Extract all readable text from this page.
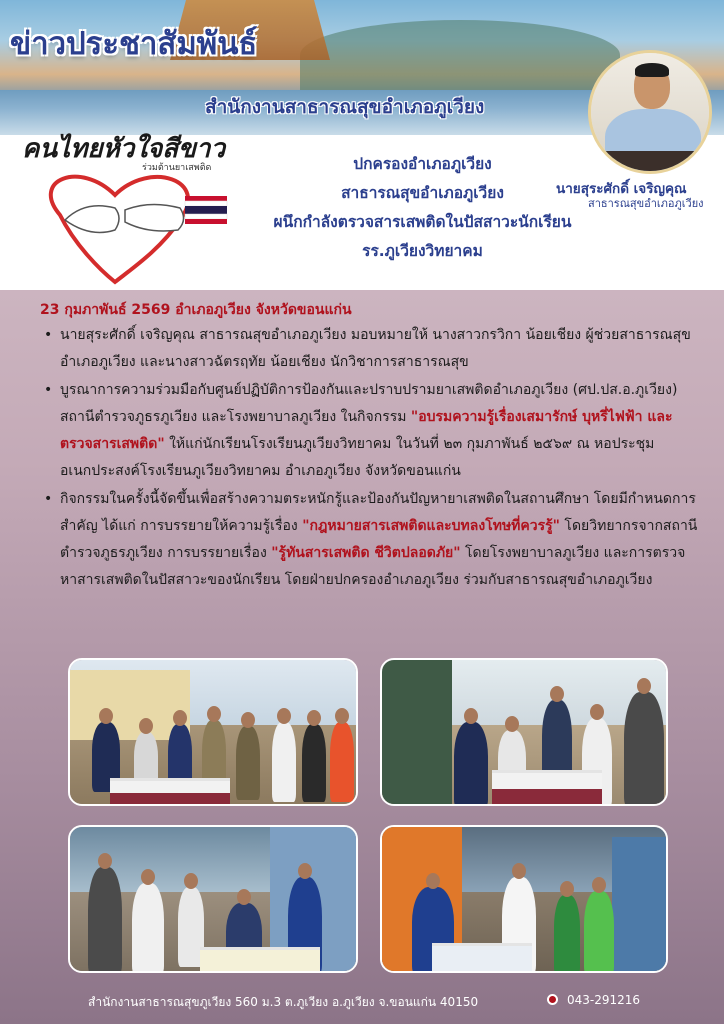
ข่าวประชาสัมพันธ์
สำนักงานสาธารณสุขอำเภอภูเวียง
คนไทยหัวใจสีขาว
ร่วมต้านยาเสพติด	ปกครองอำเภอภูเวียง
สาธารณสุขอำเภอภูเวียง
ผนึกกำลังตรวจสารเสพติดในปัสสาวะนักเรียน
รร.ภูเวียงวิทยาคม
นายสุระศักดิ์ เจริญคุณ
สาธารณสุขอำเภอภูเวียง
23 กุมภาพันธ์ 2569 อำเภอภูเวียง จังหวัดขอนแก่น
• นายสุระศักดิ์ เจริญคุณ สาธารณสุขอำเภอภูเวียง มอบหมายให้ นางสาวกรวิกา น้อยเชียง ผู้ช่วยสาธารณสุขอำเภอภูเวียง และนางสาวฉัตรฤทัย น้อยเชียง นักวิชาการสาธารณสุข
• บูรณาการความร่วมมือกับศูนย์ปฏิบัติการป้องกันและปราบปรามยาเสพติดอำเภอภูเวียง (ศป.ปส.อ.ภูเวียง) สถานีตำรวจภูธรภูเวียง และโรงพยาบาลภูเวียง ในกิจกรรม "อบรมความรู้เรื่องเสมารักษ์ บุหรี่ไฟฟ้า และตรวจสารเสพติด" ให้แก่นักเรียนโรงเรียนภูเวียงวิทยาคม ในวันที่ ๒๓ กุมภาพันธ์ ๒๕๖๙ ณ หอประชุมอเนกประสงค์โรงเรียนภูเวียงวิทยาคม อำเภอภูเวียง จังหวัดขอนแก่น
• กิจกรรมในครั้งนี้จัดขึ้นเพื่อสร้างความตระหนักรู้และป้องกันปัญหายาเสพติดในสถานศึกษา โดยมีกำหนดการสำคัญ ได้แก่ การบรรยายให้ความรู้เรื่อง "กฎหมายสารเสพติดและบทลงโทษที่ควรรู้" โดยวิทยากรจากสถานีตำรวจภูธรภูเวียง การบรรยายเรื่อง "รู้ทันสารเสพติด ชีวิตปลอดภัย" โดยโรงพยาบาลภูเวียง และการตรวจหาสารเสพติดในปัสสาวะของนักเรียน โดยฝ่ายปกครองอำเภอภูเวียง ร่วมกับสาธารณสุขอำเภอภูเวียง
สำนักงานสาธารณสุขภูเวียง 560 ม.3 ต.ภูเวียง อ.ภูเวียง จ.ขอนแก่น 40150	043-291216
